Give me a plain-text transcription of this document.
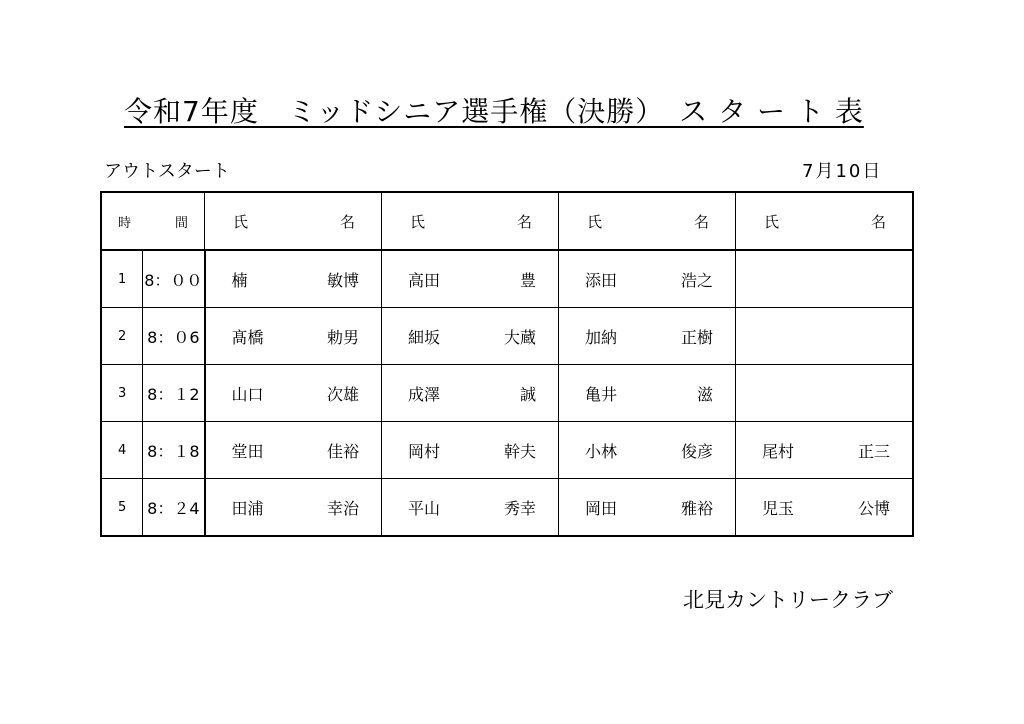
令和7年度　ミッドシニア選手権（決勝）　ス タ ー ト 表
アウトスタート	7月10日
時 間		氏 名	氏 名	氏 名	氏 名

1	8：００	楠 敏博	高田 豊	添田 浩之	

2	8：０6	髙橋 勅男	細坂 大蔵	加納 正樹	

3	8：１2	山口 次雄	成澤 誠	亀井 滋	

4	8：１8	堂田 佳裕	岡村 幹夫	小林 俊彦	尾村 正三

5	8：２4	田浦 幸治	平山 秀幸	岡田 雅裕	児玉 公博
北見カントリークラブ
